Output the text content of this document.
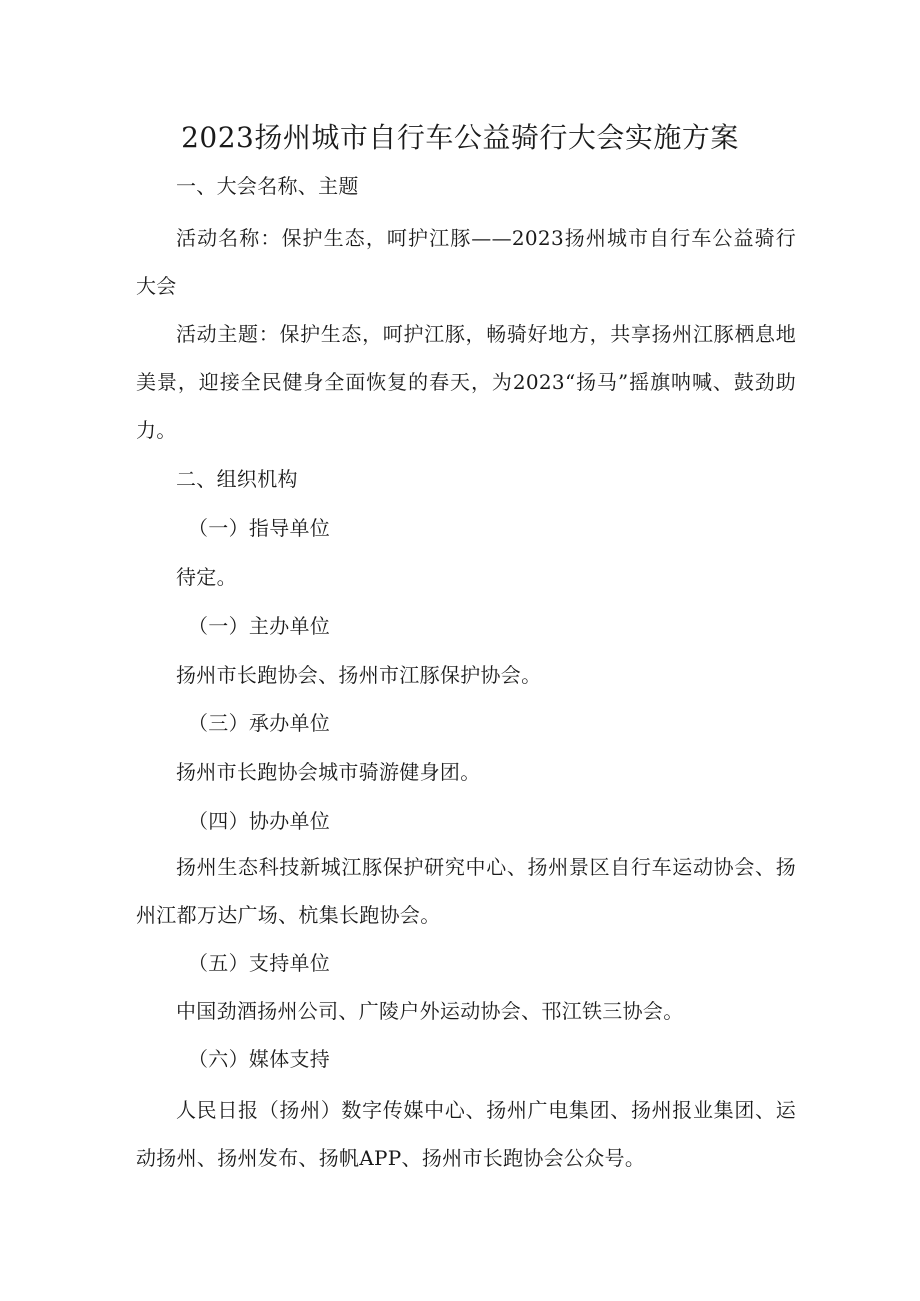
2023扬州城市自行车公益骑行大会实施方案
一、大会名称、主题
活动名称：保护生态，呵护江豚——2023扬州城市自行车公益骑行大会
活动主题：保护生态，呵护江豚，畅骑好地方，共享扬州江豚栖息地美景，迎接全民健身全面恢复的春天，为2023“扬马”摇旗呐喊、鼓劲助力。
二、组织机构
（一）指导单位
待定。
（一）主办单位
扬州市长跑协会、扬州市江豚保护协会。
（三）承办单位
扬州市长跑协会城市骑游健身团。
（四）协办单位
扬州生态科技新城江豚保护研究中心、扬州景区自行车运动协会、扬州江都万达广场、杭集长跑协会。
（五）支持单位
中国劲酒扬州公司、广陵户外运动协会、邗江铁三协会。
（六）媒体支持
人民日报（扬州）数字传媒中心、扬州广电集团、扬州报业集团、运动扬州、扬州发布、扬帆APP、扬州市长跑协会公众号。
